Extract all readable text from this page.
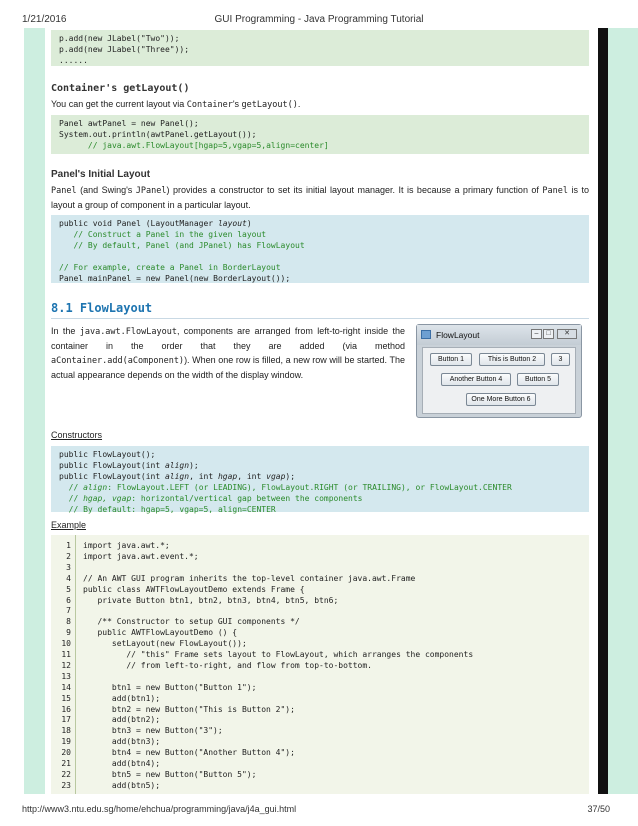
1/21/2016	GUI Programming - Java Programming Tutorial
p.add(new JLabel("Two"));
p.add(new JLabel("Three"));
......
Container's getLayout()
You can get the current layout via Container's getLayout().
Panel awtPanel = new Panel();
System.out.println(awtPanel.getLayout());
// java.awt.FlowLayout[hgap=5,vgap=5,align=center]
Panel's Initial Layout
Panel (and Swing's JPanel) provides a constructor to set its initial layout manager. It is because a primary function of Panel is to layout a group of component in a particular layout.
public void Panel (LayoutManager layout)
// Construct a Panel in the given layout
// By default, Panel (and JPanel) has FlowLayout

// For example, create a Panel in BorderLayout
Panel mainPanel = new Panel(new BorderLayout());
8.1 FlowLayout
In the java.awt.FlowLayout, components are arranged from left-to-right inside the container in the order that they are added (via method aContainer.add(aComponent)). When one row is filled, a new row will be started. The actual appearance depends on the width of the display window.
FlowLayout	–	□	✕
Button 1	This is Button 2	3
Another Button 4	Button 5
One More Button 6
Constructors
public FlowLayout();
public FlowLayout(int align);
public FlowLayout(int align, int hgap, int vgap);
// align: FlowLayout.LEFT (or LEADING), FlowLayout.RIGHT (or TRAILING), or FlowLayout.CENTER
// hgap, vgap: horizontal/vertical gap between the components
// By default: hgap=5, vgap=5, align=CENTER
Example
1 import java.awt.*;
2 import java.awt.event.*;
3
4 // An AWT GUI program inherits the top-level container java.awt.Frame
5 public class AWTFlowLayoutDemo extends Frame {
6 private Button btn1, btn2, btn3, btn4, btn5, btn6;
7
8 /** Constructor to setup GUI components */
9 public AWTFlowLayoutDemo () {
10 setLayout(new FlowLayout());
11 // "this" Frame sets layout to FlowLayout, which arranges the components
12 // from left-to-right, and flow from top-to-bottom.
13
14 btn1 = new Button("Button 1");
15 add(btn1);
16 btn2 = new Button("This is Button 2");
17 add(btn2);
18 btn3 = new Button("3");
19 add(btn3);
20 btn4 = new Button("Another Button 4");
21 add(btn4);
22 btn5 = new Button("Button 5");
23 add(btn5);
http://www3.ntu.edu.sg/home/ehchua/programming/java/j4a_gui.html	37/50
